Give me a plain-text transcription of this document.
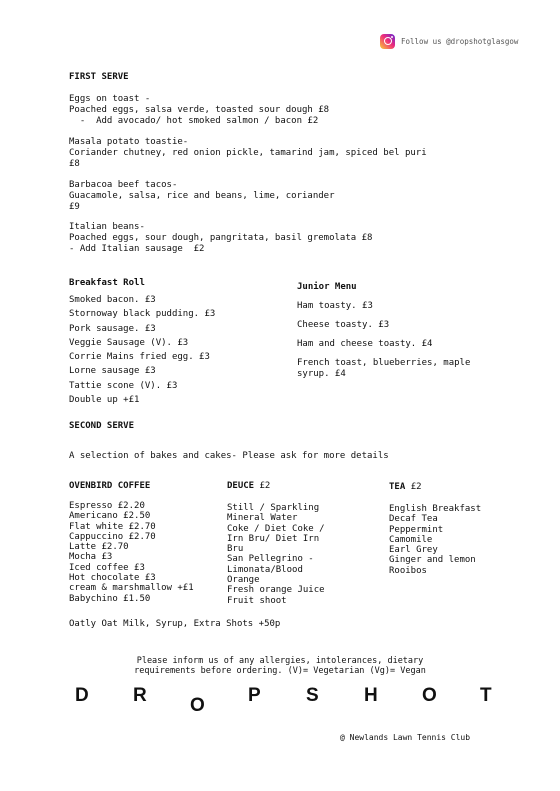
Follow us @dropshotglasgow
FIRST SERVE
Eggs on toast -
Poached eggs, salsa verde, toasted sour dough £8
-  Add avocado/ hot smoked salmon / bacon £2
Masala potato toastie-
Coriander chutney, red onion pickle, tamarind jam, spiced bel puri
£8
Barbacoa beef tacos-
Guacamole, salsa, rice and beans, lime, coriander
£9
Italian beans-
Poached eggs, sour dough, pangritata, basil gremolata £8
- Add Italian sausage  £2
Breakfast Roll
Smoked bacon. £3
Stornoway black pudding. £3
Pork sausage. £3
Veggie Sausage (V). £3
Corrie Mains fried egg. £3
Lorne sausage £3
Tattie scone (V). £3
Double up +£1
Junior Menu
Ham toasty. £3
Cheese toasty. £3
Ham and cheese toasty. £4
French toast, blueberries, maple
syrup. £4
SECOND SERVE
A selection of bakes and cakes- Please ask for more details
OVENBIRD COFFEE
Espresso £2.20
Americano £2.50
Flat white £2.70
Cappuccino £2.70
Latte £2.70
Mocha £3
Iced coffee £3
Hot chocolate £3
cream & marshmallow +£1
Babychino £1.50
Oatly Oat Milk, Syrup, Extra Shots +50p
DEUCE £2
Still / Sparkling
Mineral Water
Coke / Diet Coke /
Irn Bru/ Diet Irn
Bru
San Pellegrino -
Limonata/Blood
Orange
Fresh orange Juice
Fruit shoot
TEA £2
English Breakfast
Decaf Tea
Peppermint
Camomile
Earl Grey
Ginger and lemon
Rooibos
Please inform us of any allergies, intolerances, dietary
requirements before ordering. (V)= Vegetarian (Vg)= Vegan
D R O P S H O T
@ Newlands Lawn Tennis Club
